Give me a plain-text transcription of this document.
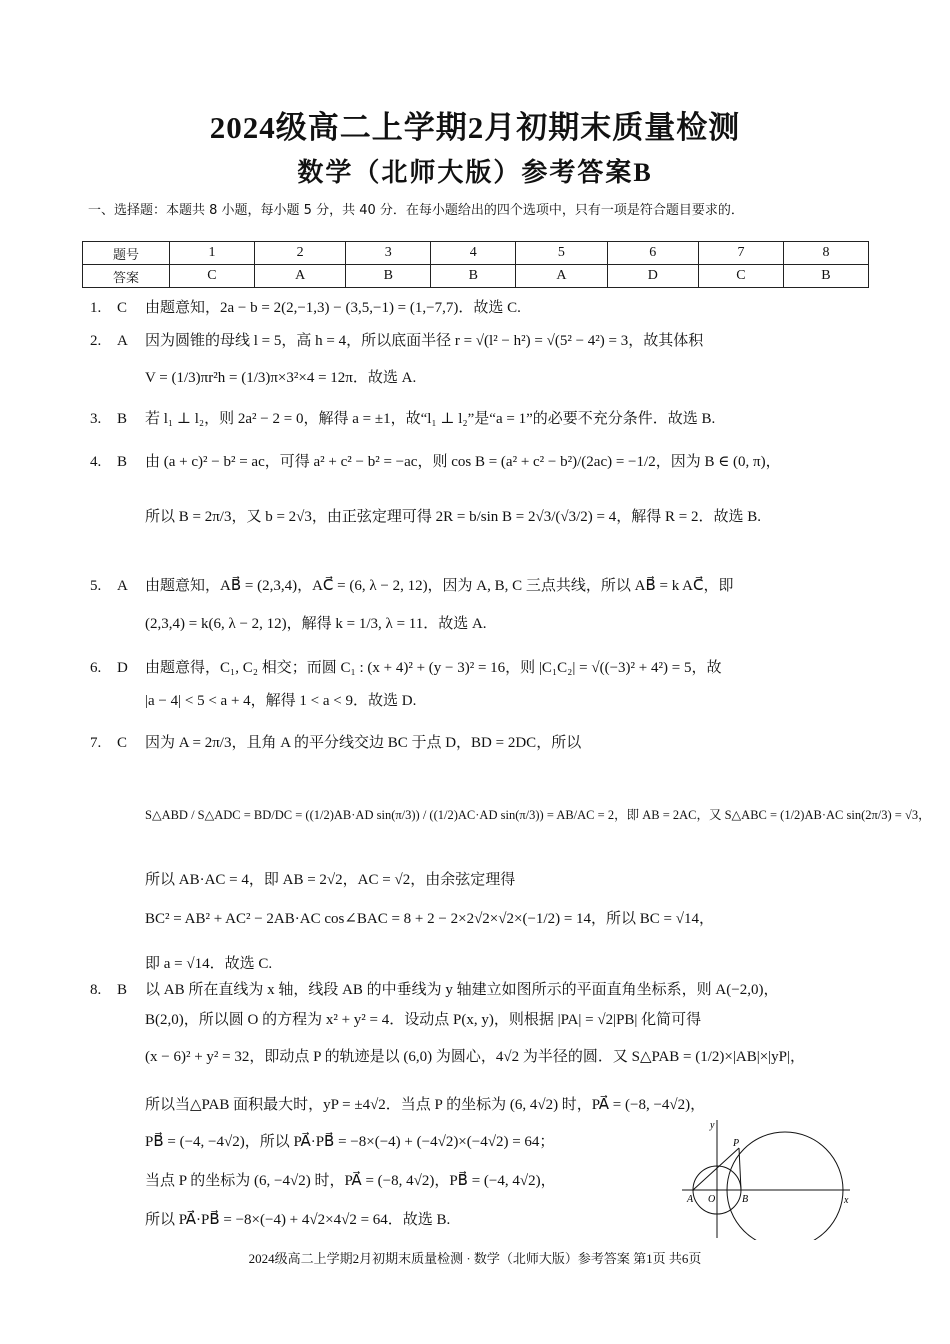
2024级高二上学期2月初期末质量检测
数学（北师大版）参考答案B
一、选择题：本题共 8 小题，每小题 5 分，共 40 分．在每小题给出的四个选项中，只有一项是符合题目要求的．
题号	1	2	3	4	5	6	7	8
答案	C	A	B	B	A	D	C	B
1. C	由题意知，2a − b = 2(2,−1,3) − (3,5,−1) = (1,−7,7)．故选 C.
2. A	因为圆锥的母线 l = 5，高 h = 4，所以底面半径 r = √(l² − h²) = √(5² − 4²) = 3，故其体积
V = (1/3)πr²h = (1/3)π×3²×4 = 12π．故选 A.
3. B	若 l₁ ⊥ l₂，则 2a² − 2 = 0，解得 a = ±1，故“l₁ ⊥ l₂”是“a = 1”的必要不充分条件．故选 B.
4. B	由 (a + c)² − b² = ac，可得 a² + c² − b² = −ac，则 cos B = (a² + c² − b²)/(2ac) = −1/2，因为 B ∈ (0, π)，
所以 B = 2π/3，又 b = 2√3，由正弦定理可得 2R = b/sin B = 2√3/(√3/2) = 4，解得 R = 2．故选 B.
5. A	由题意知，AB⃗ = (2,3,4)，AC⃗ = (6, λ − 2, 12)，因为 A, B, C 三点共线，所以 AB⃗ = k AC⃗，即
(2,3,4) = k(6, λ − 2, 12)，解得 k = 1/3, λ = 11．故选 A.
6. D	由题意得，C₁, C₂ 相交；而圆 C₁ : (x + 4)² + (y − 3)² = 16，则 |C₁C₂| = √((−3)² + 4²) = 5，故
|a − 4| < 5 < a + 4，解得 1 < a < 9．故选 D.
7. C	因为 A = 2π/3，且角 A 的平分线交边 BC 于点 D，BD = 2DC，所以
S△ABD / S△ADC = BD/DC = ((1/2)AB·AD sin(π/3)) / ((1/2)AC·AD sin(π/3)) = AB/AC = 2，即 AB = 2AC，又 S△ABC = (1/2)AB·AC sin(2π/3) = √3，
所以 AB·AC = 4，即 AB = 2√2，AC = √2，由余弦定理得
BC² = AB² + AC² − 2AB·AC cos∠BAC = 8 + 2 − 2×2√2×√2×(−1/2) = 14，所以 BC = √14，
即 a = √14．故选 C.
8. B	以 AB 所在直线为 x 轴，线段 AB 的中垂线为 y 轴建立如图所示的平面直角坐标系，则 A(−2,0)，
B(2,0)，所以圆 O 的方程为 x² + y² = 4．设动点 P(x, y)，则根据 |PA| = √2|PB| 化简可得
(x − 6)² + y² = 32，即动点 P 的轨迹是以 (6,0) 为圆心，4√2 为半径的圆．又 S△PAB = (1/2)×|AB|×|yP|，
所以当△PAB 面积最大时，yP = ±4√2．当点 P 的坐标为 (6, 4√2) 时，PA⃗ = (−8, −4√2)，
PB⃗ = (−4, −4√2)，所以 PA⃗·PB⃗ = −8×(−4) + (−4√2)×(−4√2) = 64；
当点 P 的坐标为 (6, −4√2) 时，PA⃗ = (−8, 4√2)，PB⃗ = (−4, 4√2)，
所以 PA⃗·PB⃗ = −8×(−4) + 4√2×4√2 = 64．故选 B.
y
x
P
A O	B
2024级高二上学期2月初期末质量检测 · 数学（北师大版）参考答案 第1页 共6页
